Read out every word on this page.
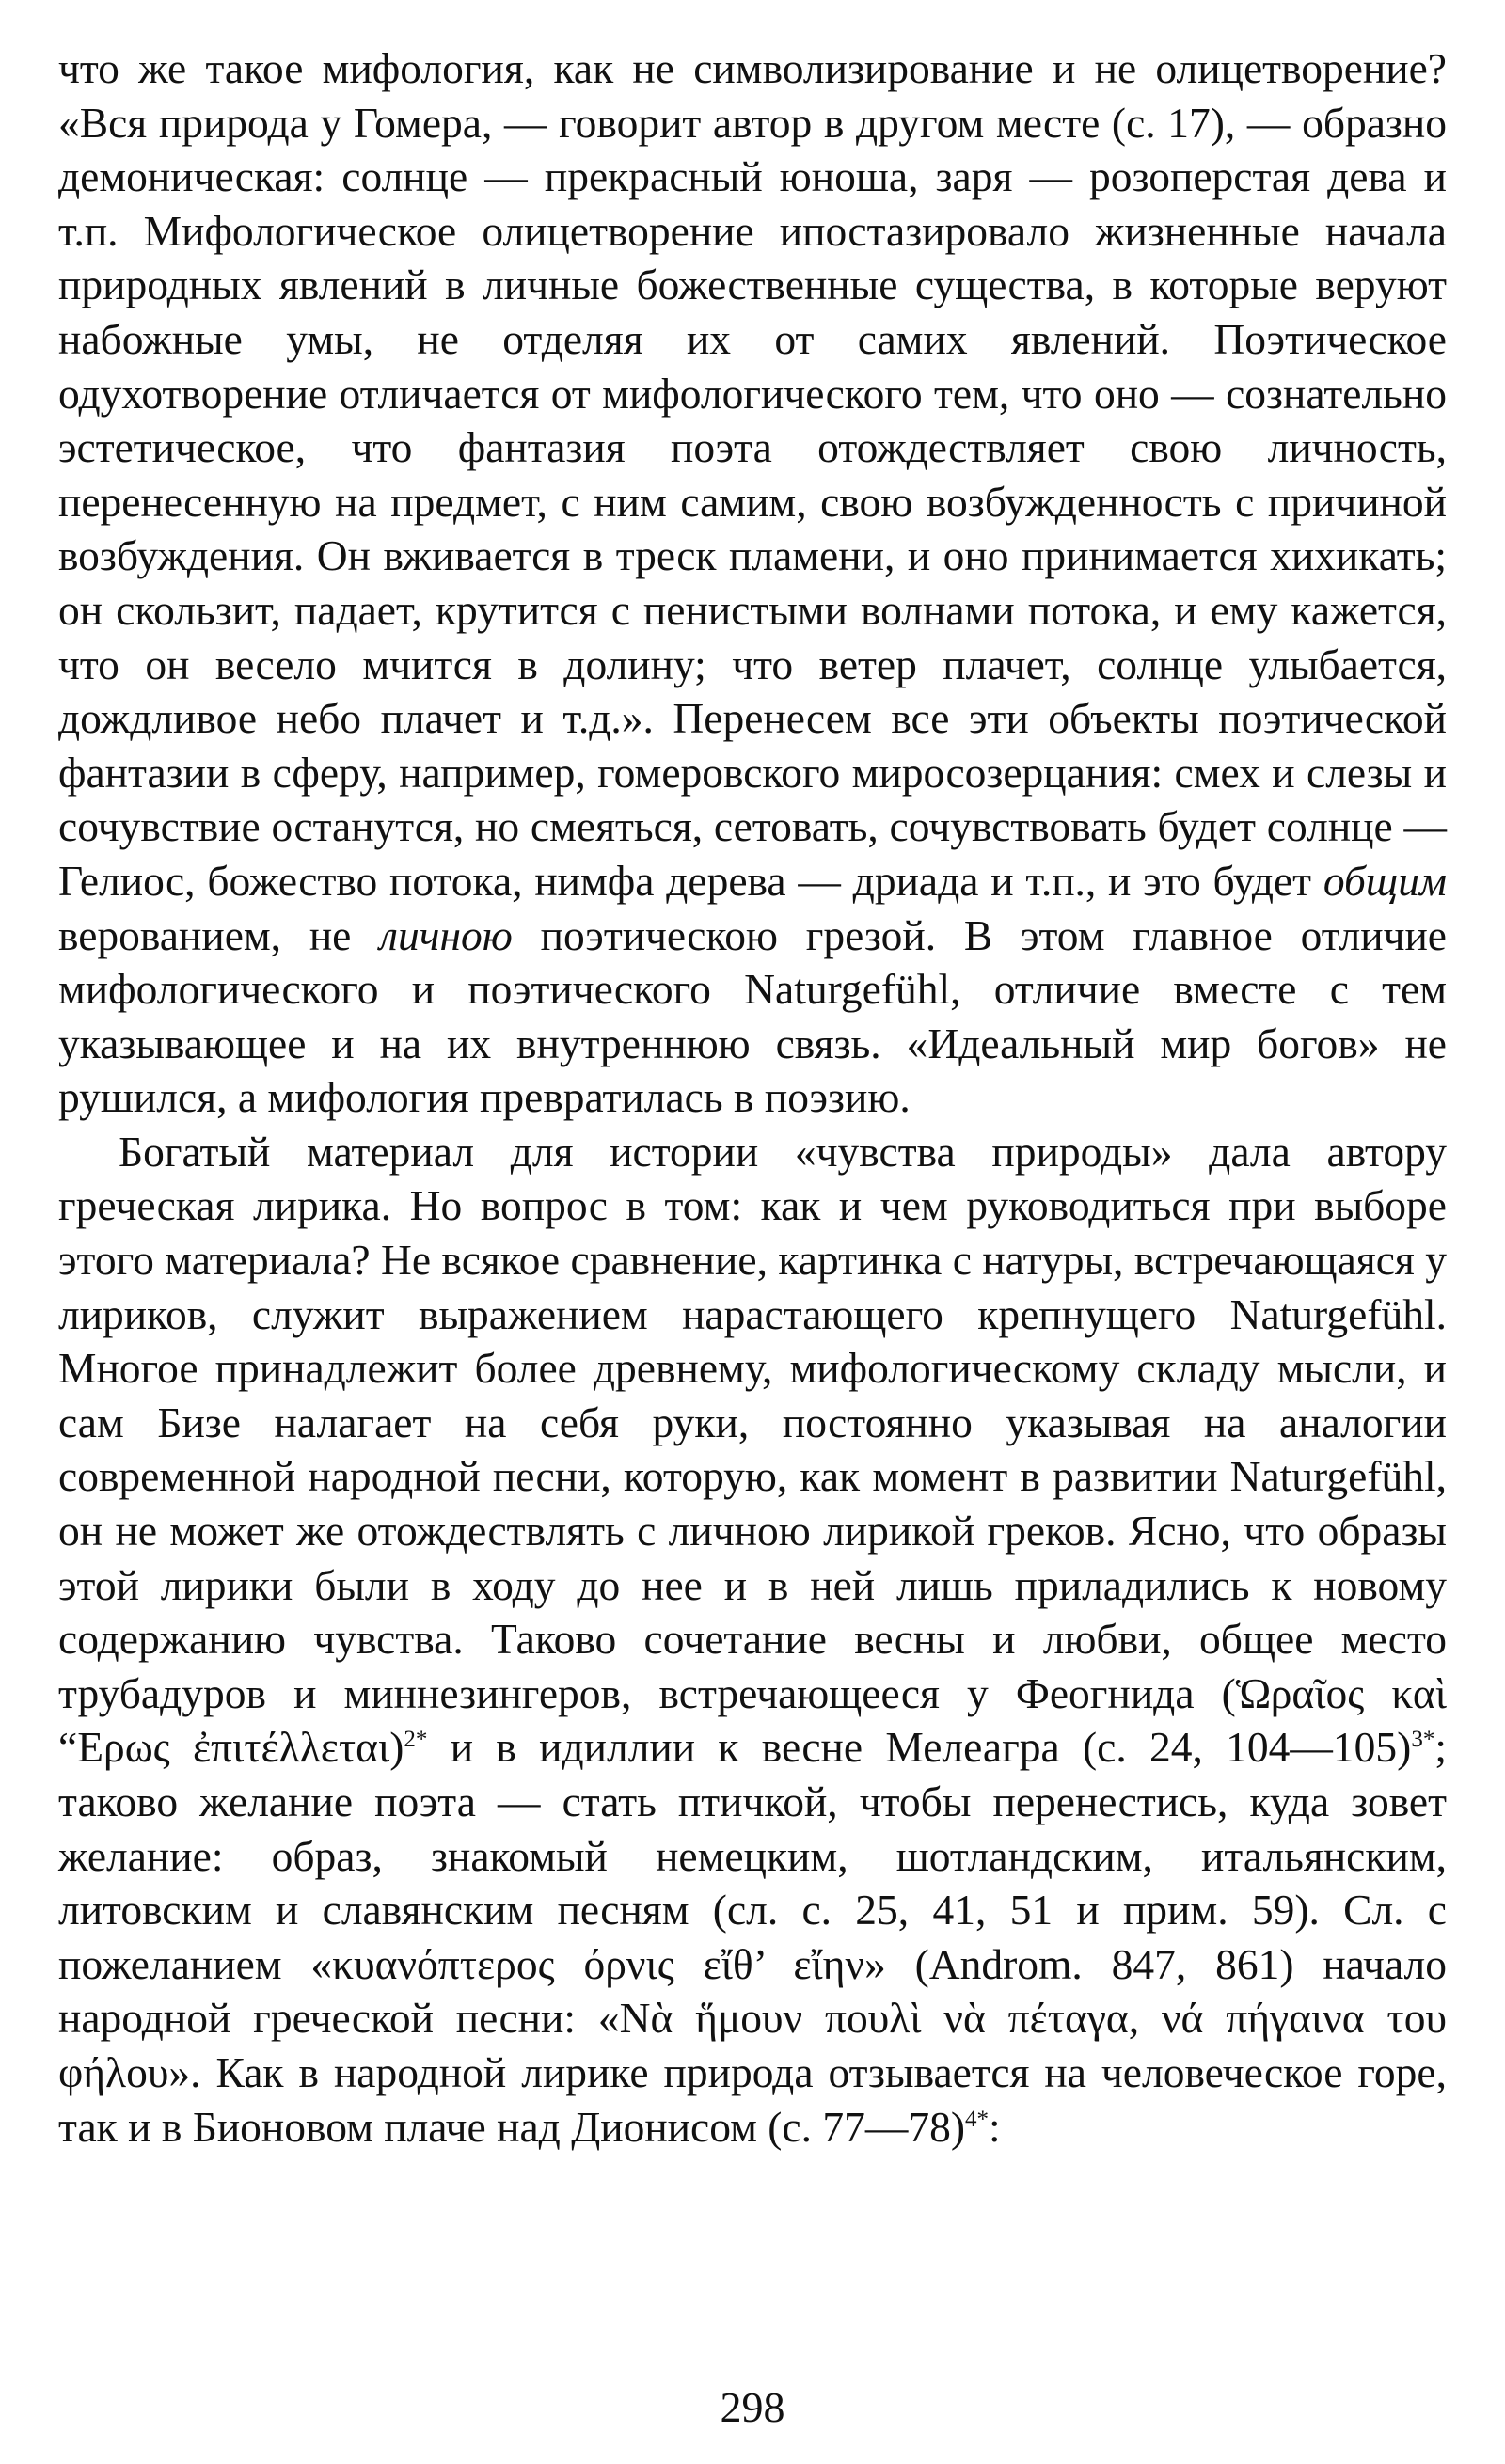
что же такое мифология, как не символизирование и не олицетворение? «Вся природа у Гомера, — говорит автор в другом месте (с. 17), — образно демоническая: солнце — прекрасный юноша, заря — розоперстая дева и т.п. Мифологическое олицетворение ипостазировало жизненные начала природных явлений в личные божественные существа, в которые веруют набожные умы, не отделяя их от самих явлений. Поэтическое одухотворение отличается от мифологического тем, что оно — сознательно эстетическое, что фантазия поэта отождествляет свою личность, перенесенную на предмет, с ним самим, свою возбужденность с причиной возбуждения. Он вживается в треск пламени, и оно принимается хихикать; он скользит, падает, крутится с пенистыми волнами потока, и ему кажется, что он весело мчится в долину; что ветер плачет, солнце улыбается, дождливое небо плачет и т.д.». Перенесем все эти объекты поэтической фантазии в сферу, например, гомеровского миросозерцания: смех и слезы и сочувствие останутся, но смеяться, сетовать, сочувствовать будет солнце — Гелиос, божество потока, нимфа дерева — дриада и т.п., и это будет общим верованием, не личною поэтическою грезой. В этом главное отличие мифологического и поэтического Naturgefühl, отличие вместе с тем указывающее и на их внутреннюю связь. «Идеальный мир богов» не рушился, а мифология превратилась в поэзию.

Богатый материал для истории «чувства природы» дала автору греческая лирика. Но вопрос в том: как и чем руководиться при выборе этого материала? Не всякое сравнение, картинка с натуры, встречающаяся у лириков, служит выражением нарастающего крепнущего Naturgefühl. Многое принадлежит более древнему, мифологическому складу мысли, и сам Бизе налагает на себя руки, постоянно указывая на аналогии современной народной песни, которую, как момент в развитии Naturgefühl, он не может же отождествлять с личною лирикой греков. Ясно, что образы этой лирики были в ходу до нее и в ней лишь приладились к новому содержанию чувства. Таково сочетание весны и любви, общее место трубадуров и миннезингеров, встречающееся у Феогнида (Ὡραῖος καὶ “Ερως ἐπιτέλλεται)$^{2*}$ и в идиллии к весне Мелеагра (с. 24, 104—105)$^{3*}$; таково желание поэта — стать птичкой, чтобы перенестись, куда зовет желание: образ, знакомый немецким, шотландским, итальянским, литовским и славянским песням (сл. с. 25, 41, 51 и прим. 59). Сл. с пожеланием «κυανόπτερος όρνις εἴθ’ εἴην» (Androm. 847, 861) начало народной греческой песни: «Νὰ ἥμουν πουλὶ νὰ πέταγα, νά πήγαινα του φήλου». Как в народной лирике природа отзывается на человеческое горе, так и в Бионовом плаче над Дионисом (с. 77—78)$^{4*}$:

298
